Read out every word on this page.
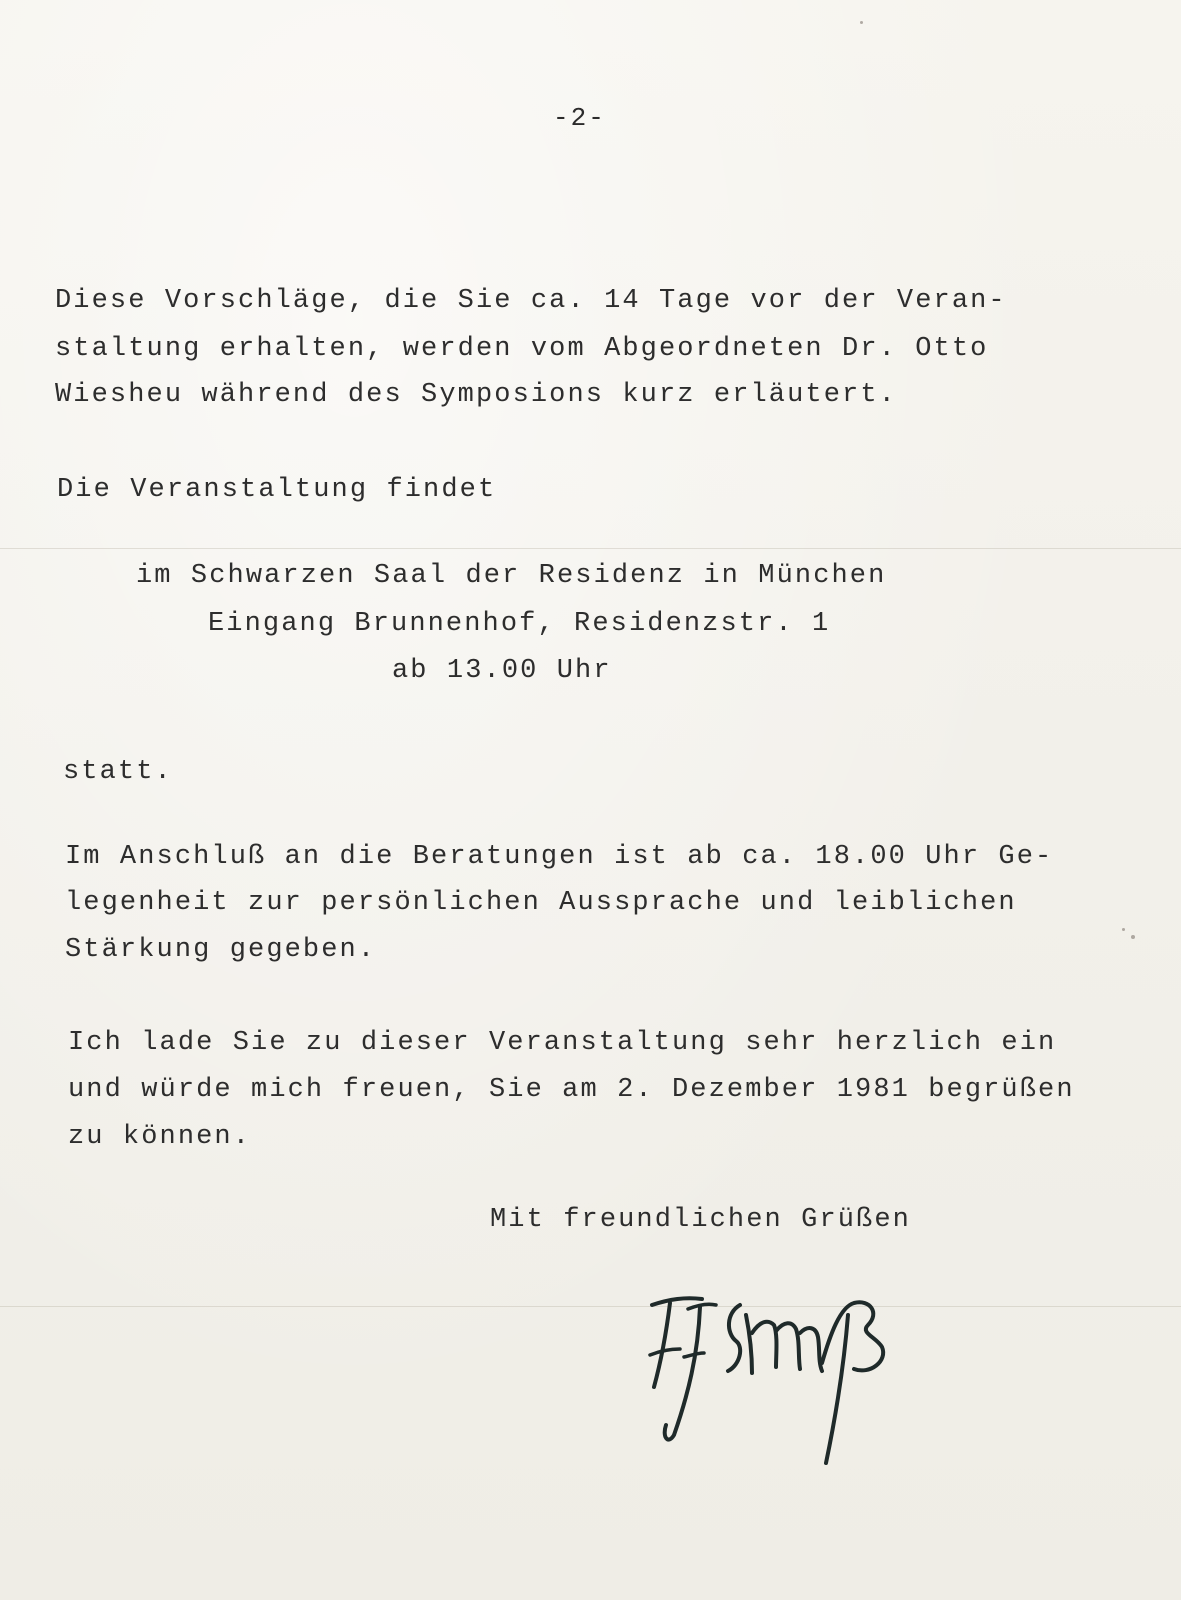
-2-
Diese Vorschläge, die Sie ca. 14 Tage vor der Veran-
staltung erhalten, werden vom Abgeordneten Dr. Otto
Wiesheu während des Symposions kurz erläutert.
Die Veranstaltung findet
im Schwarzen Saal der Residenz in München
Eingang Brunnenhof, Residenzstr. 1
ab 13.00 Uhr
statt.
Im Anschluß an die Beratungen ist ab ca. 18.00 Uhr Ge-
legenheit zur persönlichen Aussprache und leiblichen
Stärkung gegeben.
Ich lade Sie zu dieser Veranstaltung sehr herzlich ein
und würde mich freuen, Sie am 2. Dezember 1981 begrüßen
zu können.
Mit freundlichen Grüßen
